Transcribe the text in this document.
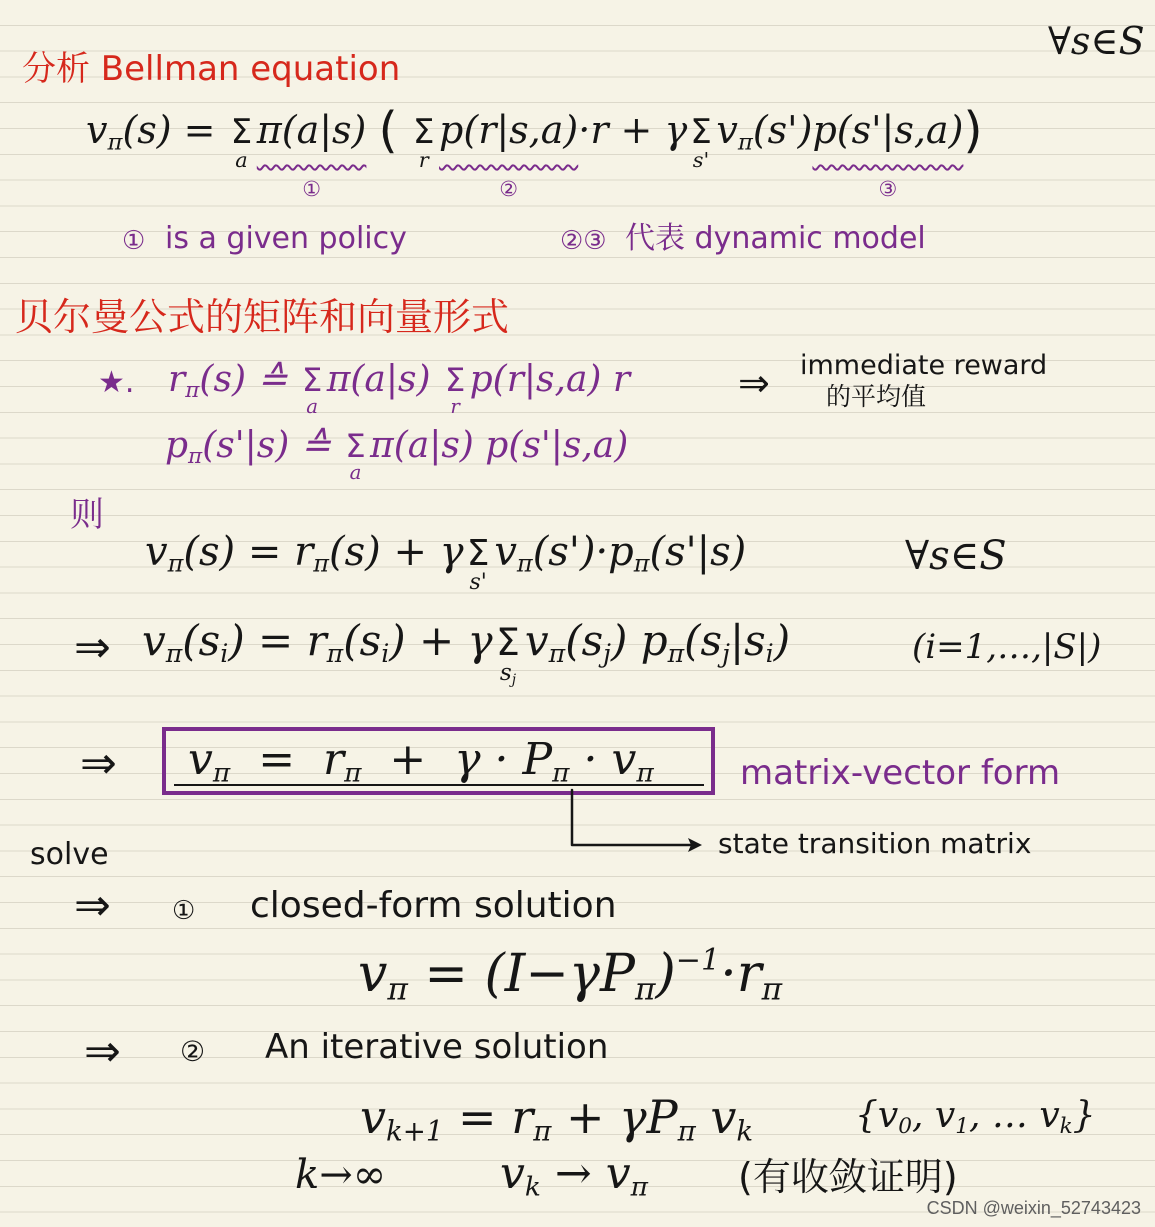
∀s∈S
分析 Bellman equation
$v_\pi(s) = \Sigma$
a
π(a|s)
①
( Σ
r
p(r|s,a)
②
·r + γ Σ
s'
$v_\pi(s')p(s'|s,a)$
③
)
① is a given policy	②③ 代表 dynamic model
贝尔曼公式的矩阵和向量形式
★. $r_\pi(s)$ ≙ Σ
a
π(a|s) Σ
r
p(r|s,a) r	⇒ immediate reward
的平均值
$p_\pi(s'|s)$ ≙ Σ
a
π(a|s) p(s'|s,a)
则
$v_\pi(s) = r_\pi(s) + \gamma$ Σ
s'
$v_\pi(s')\cdot p_\pi(s'|s)$	∀s∈S
⇒ $v_\pi(s_i) = r_\pi(s_i) + \gamma$ Σ
$s_j$
$v_\pi(s_j)$ $p_\pi(s_j|s_i)$	(i=1,…,|S|)
⇒ $v_\pi = r_\pi + \gamma \cdot P_\pi \cdot v_\pi$	matrix-vector form
state transition matrix
solve
⇒ ① closed-form solution
$v_\pi = (I-\gamma P_\pi)^{-1}\cdot r_\pi$
⇒ ② An iterative solution
$v_{k+1} = r_\pi + \gamma P_\pi$ $v_k$	{$v_0$, $v_1$, … $v_k$}
k→∞	$v_k \to v_\pi$ (有收敛证明)
CSDN @weixin_52743423
